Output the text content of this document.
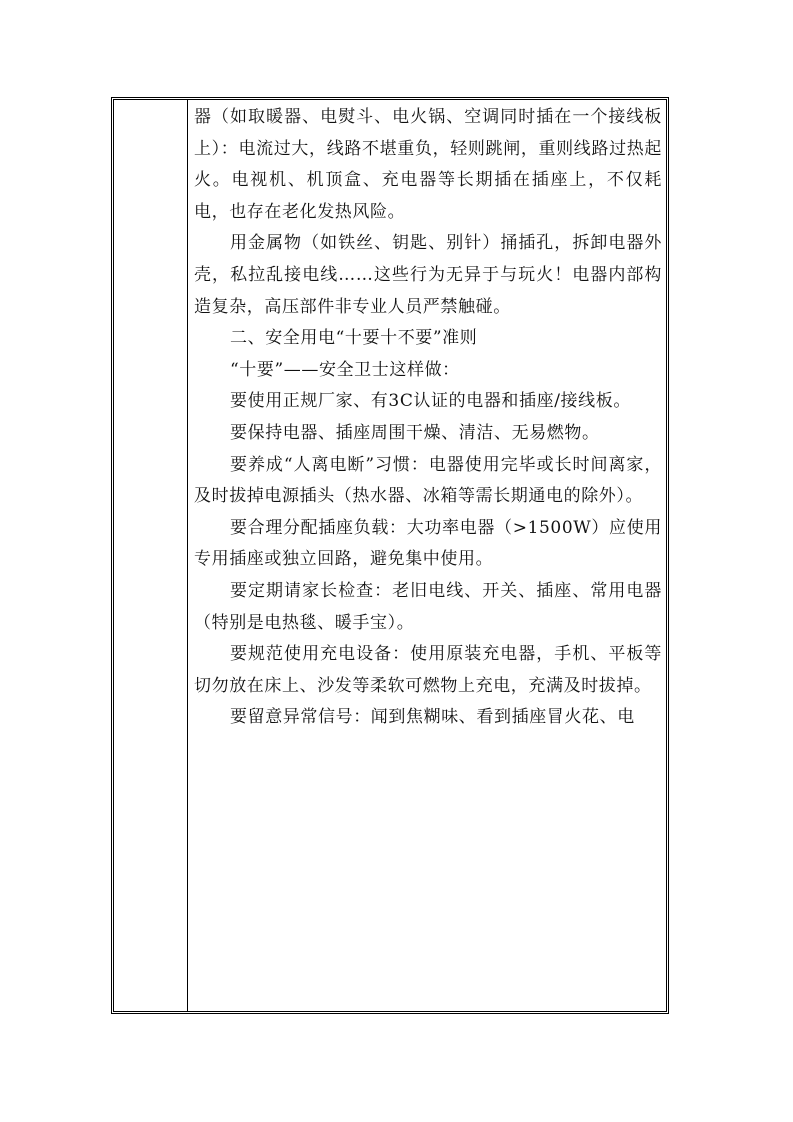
器（如取暖器、电熨斗、电火锅、空调同时插在一个接线板上）：电流过大，线路不堪重负，轻则跳闸，重则线路过热起火。电视机、机顶盒、充电器等长期插在插座上，不仅耗电，也存在老化发热风险。

用金属物（如铁丝、钥匙、别针）捅插孔，拆卸电器外壳，私拉乱接电线……这些行为无异于与玩火！电器内部构造复杂，高压部件非专业人员严禁触碰。

二、安全用电“十要十不要”准则

“十要”——安全卫士这样做：

要使用正规厂家、有3C认证的电器和插座/接线板。

要保持电器、插座周围干燥、清洁、无易燃物。

要养成“人离电断”习惯：电器使用完毕或长时间离家，及时拔掉电源插头（热水器、冰箱等需长期通电的除外）。

要合理分配插座负载：大功率电器（>1500W）应使用专用插座或独立回路，避免集中使用。

要定期请家长检查：老旧电线、开关、插座、常用电器（特别是电热毯、暖手宝）。

要规范使用充电设备：使用原装充电器，手机、平板等切勿放在床上、沙发等柔软可燃物上充电，充满及时拔掉。

要留意异常信号：闻到焦糊味、看到插座冒火花、电
